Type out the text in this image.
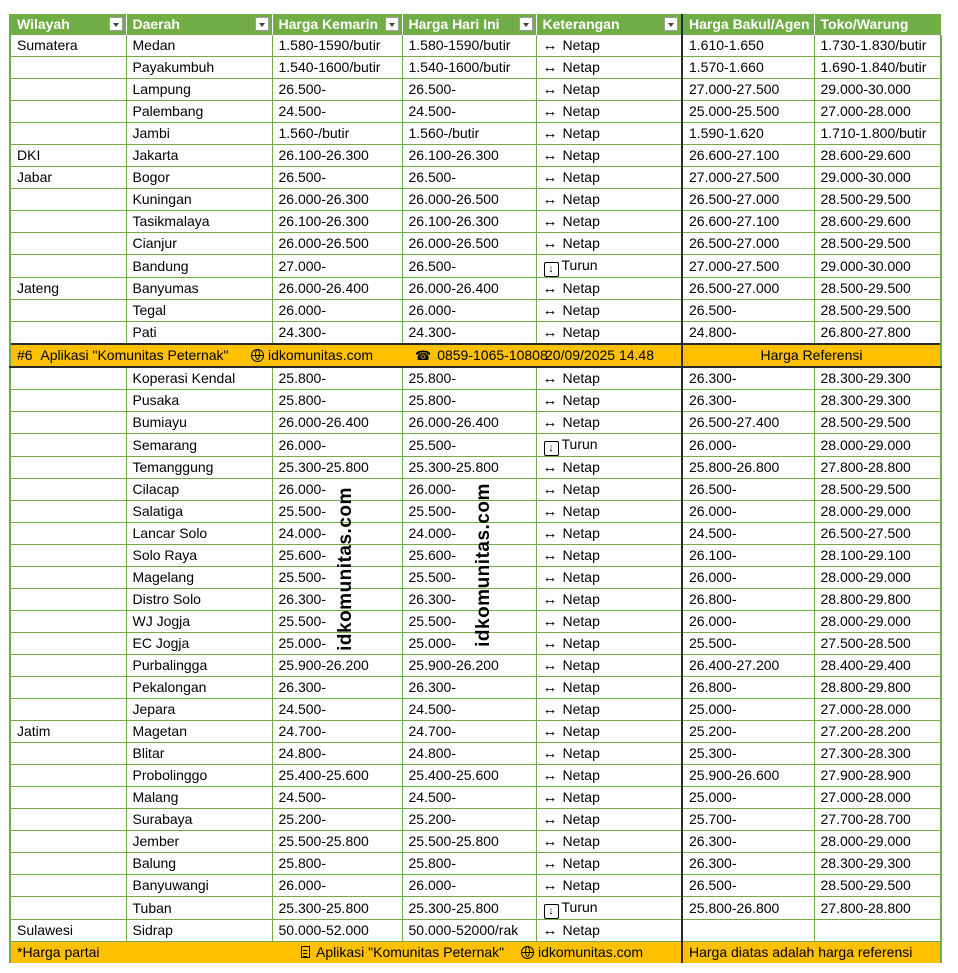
Wilayah	Daerah	Harga Kemarin	Harga Hari Ini	Keterangan	Harga Bakul/Agen	Toko/Warung
Sumatera	Medan	1.580-1590/butir	1.580-1590/butir	↔ Netap	1.610-1.650	1.730-1.830/butir
	Payakumbuh	1.540-1600/butir	1.540-1600/butir	↔ Netap	1.570-1.660	1.690-1.840/butir
	Lampung	26.500-	26.500-	↔ Netap	27.000-27.500	29.000-30.000
	Palembang	24.500-	24.500-	↔ Netap	25.000-25.500	27.000-28.000
	Jambi	1.560-/butir	1.560-/butir	↔ Netap	1.590-1.620	1.710-1.800/butir
DKI	Jakarta	26.100-26.300	26.100-26.300	↔ Netap	26.600-27.100	28.600-29.600
Jabar	Bogor	26.500-	26.500-	↔ Netap	27.000-27.500	29.000-30.000
	Kuningan	26.000-26.300	26.000-26.500	↔ Netap	26.500-27.000	28.500-29.500
	Tasikmalaya	26.100-26.300	26.100-26.300	↔ Netap	26.600-27.100	28.600-29.600
	Cianjur	26.000-26.500	26.000-26.500	↔ Netap	26.500-27.000	28.500-29.500
	Bandung	27.000-	26.500-	↓ Turun	27.000-27.500	29.000-30.000
Jateng	Banyumas	26.000-26.400	26.000-26.400	↔ Netap	26.500-27.000	28.500-29.500
	Tegal	26.000-	26.000-	↔ Netap	26.500-	28.500-29.500
	Pati	24.300-	24.300-	↔ Netap	24.800-	26.800-27.800

#6 Aplikasi "Komunitas Peternak" idkomunitas.com ☎ 0859-1065-10808
20/09/2025 14.48					Harga Referensi	
	Koperasi Kendal	25.800-	25.800-	↔ Netap	26.300-	28.300-29.300
	Pusaka	25.800-	25.800-	↔ Netap	26.300-	28.300-29.300
	Bumiayu	26.000-26.400	26.000-26.400	↔ Netap	26.500-27.400	28.500-29.500
	Semarang	26.000-	25.500-	↓ Turun	26.000-	28.000-29.000
	Temanggung	25.300-25.800	25.300-25.800	↔ Netap	25.800-26.800	27.800-28.800
	Cilacap	26.000-	26.000-	↔ Netap	26.500-	28.500-29.500
	Salatiga	25.500-	25.500-	↔ Netap	26.000-	28.000-29.000
	Lancar Solo	24.000-	24.000-	↔ Netap	24.500-	26.500-27.500
	Solo Raya	25.600-	25.600-	↔ Netap	26.100-	28.100-29.100
	Magelang	25.500-	25.500-	↔ Netap	26.000-	28.000-29.000
	Distro Solo	26.300-	26.300-	↔ Netap	26.800-	28.800-29.800
	WJ Jogja	25.500-	25.500-	↔ Netap	26.000-	28.000-29.000
	EC Jogja	25.000-	25.000-	↔ Netap	25.500-	27.500-28.500
	Purbalingga	25.900-26.200	25.900-26.200	↔ Netap	26.400-27.200	28.400-29.400
	Pekalongan	26.300-	26.300-	↔ Netap	26.800-	28.800-29.800
	Jepara	24.500-	24.500-	↔ Netap	25.000-	27.000-28.000
Jatim	Magetan	24.700-	24.700-	↔ Netap	25.200-	27.200-28.200
	Blitar	24.800-	24.800-	↔ Netap	25.300-	27.300-28.300
	Probolinggo	25.400-25.600	25.400-25.600	↔ Netap	25.900-26.600	27.900-28.900
	Malang	24.500-	24.500-	↔ Netap	25.000-	27.000-28.000
	Surabaya	25.200-	25.200-	↔ Netap	25.700-	27.700-28.700
	Jember	25.500-25.800	25.500-25.800	↔ Netap	26.300-	28.000-29.000
	Balung	25.800-	25.800-	↔ Netap	26.300-	28.300-29.300
	Banyuwangi	26.000-	26.000-	↔ Netap	26.500-	28.500-29.500
	Tuban	25.300-25.800	25.300-25.800	↓ Turun	25.800-26.800	27.800-28.800
Sulawesi	Sidrap	50.000-52.000	50.000-52000/rak	↔ Netap		

*Harga partai Aplikasi "Komunitas Peternak" idkomunitas.com					Harga diatas adalah harga referensi	
idkomunitas.com	idkomunitas.com
